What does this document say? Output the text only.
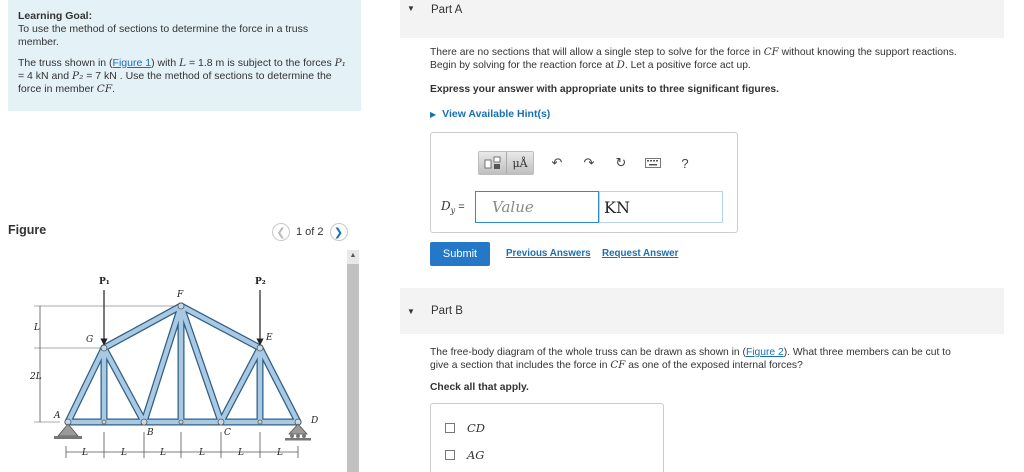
Learning Goal:

To use the method of sections to determine the force in a truss member.

The truss shown in (Figure 1) with L = 1.8 m is subject to the forces P₁ = 4 kN and P₂ = 7 kN . Use the method of sections to determine the force in member CF.

Figure	❮ 1 of 2 ❯
P₁	P₂
F
G	E
A
B	C
D
L
2L
L	L	L	L	L	L
▲
▼ Part A
There are no sections that will allow a single step to solve for the force in CF without knowing the support reactions.
Begin by solving for the reaction force at D. Let a positive force act up.
Express your answer with appropriate units to three significant figures.
▶ View Available Hint(s)
μÅ	↶	↷	↻	?
$D_y$ =
Value
KN
Submit	Previous Answers Request Answer
▼ Part B
The free-body diagram of the whole truss can be drawn as shown in (Figure 2). What three members can be cut to
give a section that includes the force in CF as one of the exposed internal forces?
Check all that apply.
CD
AG
